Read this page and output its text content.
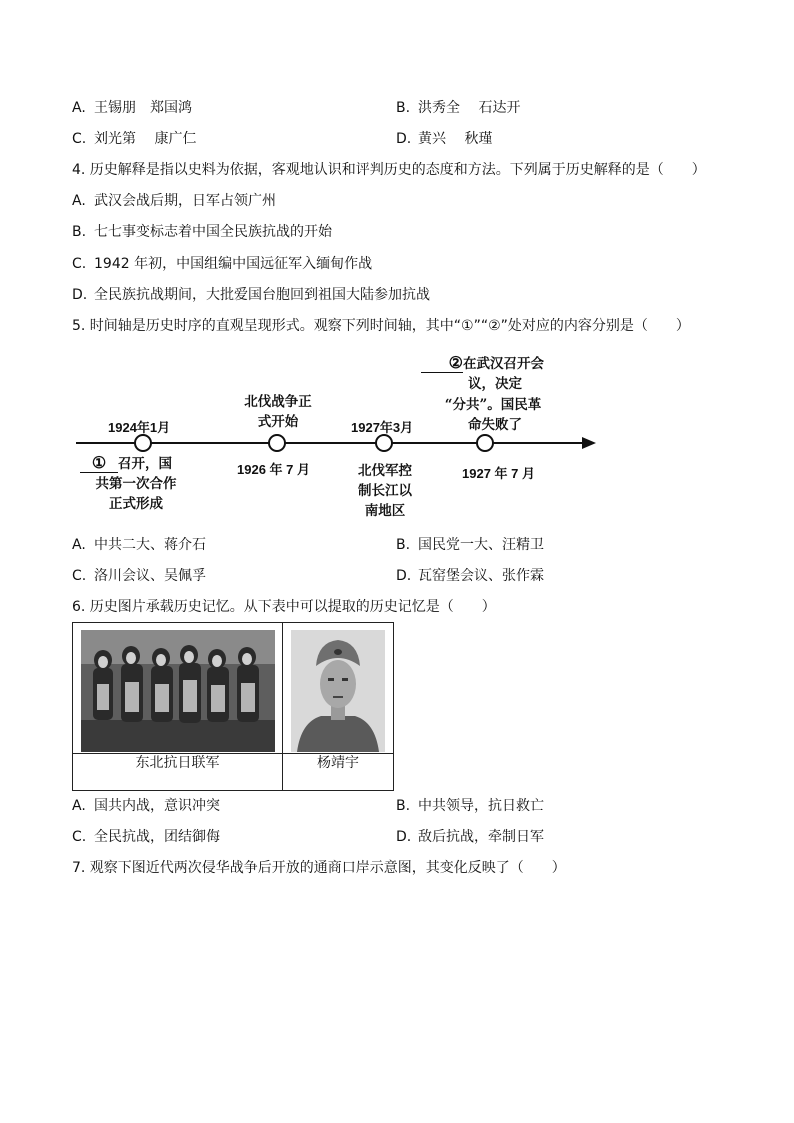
A. 王锡朋　郑国鸿	B. 洪秀全　 石达开
C. 刘光第　 康广仁	D. 黄兴　 秋瑾
4. 历史解释是指以史料为依据，客观地认识和评判历史的态度和方法。下列属于历史解释的是（　　）
A. 武汉会战后期，日军占领广州
B. 七七事变标志着中国全民族抗战的开始
C. 1942 年初，中国组编中国远征军入缅甸作战
D. 全民族抗战期间，大批爱国台胞回到祖国大陆参加抗战
5. 时间轴是历史时序的直观呈现形式。观察下列时间轴，其中“①”“②”处对应的内容分别是（　　）
1924年1月
① 召开，国
共第一次合作
正式形成
北伐战争正
式开始
1926 年 7 月
1927年3月
北伐军控
制长江以
南地区
②在武汉召开会
议，决定
“分共”。国民革
命失败了
1927 年 7 月
A. 中共二大、蒋介石	B. 国民党一大、汪精卫
C. 洛川会议、吴佩孚	D. 瓦窑堡会议、张作霖
6. 历史图片承载历史记忆。从下表中可以提取的历史记忆是（　　）

东北抗日联军	杨靖宇
A. 国共内战，意识冲突	B. 中共领导，抗日救亡
C. 全民抗战，团结御侮	D. 敌后抗战，牵制日军
7. 观察下图近代两次侵华战争后开放的通商口岸示意图，其变化反映了（　　）
